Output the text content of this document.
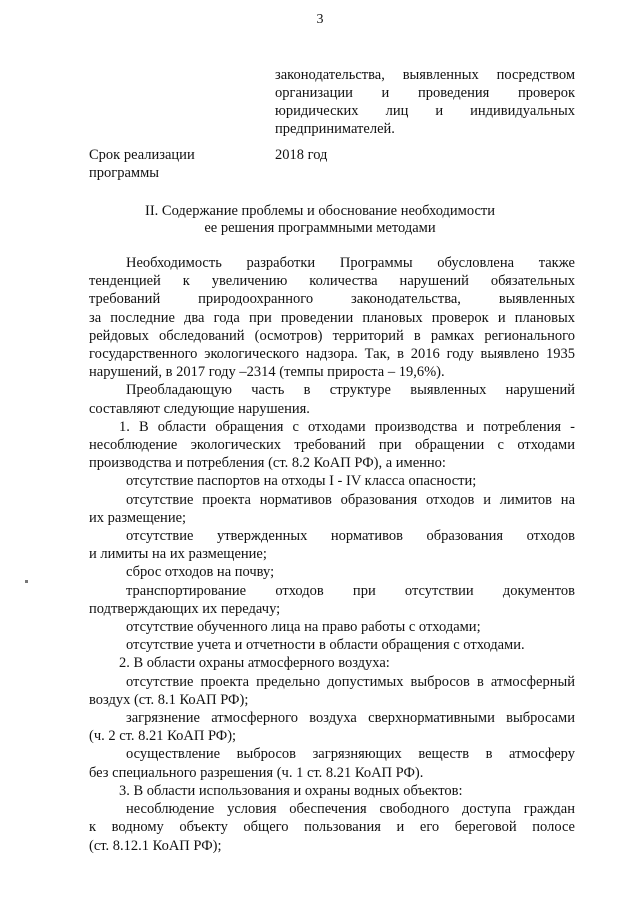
3
законодательства, выявленных посредством
организации и проведения проверок
юридических лиц и индивидуальных
предпринимателей.
Срок реализации
программы
2018 год
II. Содержание проблемы и обоснование необходимости
ее решения программными методами
Необходимость разработки Программы обусловлена также
тенденцией к увеличению количества нарушений обязательных
требований природоохранного законодательства, выявленных
за последние два года при проведении плановых проверок и плановых
рейдовых обследований (осмотров) территорий в рамках регионального
государственного экологического надзора. Так, в 2016 году выявлено 1935
нарушений, в 2017 году –2314 (темпы прироста – 19,6%).
Преобладающую часть в структуре выявленных нарушений
составляют следующие нарушения.
1. В области обращения с отходами производства и потребления -
несоблюдение экологических требований при обращении с отходами
производства и потребления (ст. 8.2 КоАП РФ), а именно:
отсутствие паспортов на отходы I - IV класса опасности;
отсутствие проекта нормативов образования отходов и лимитов на
их размещение;
отсутствие утвержденных нормативов образования отходов
и лимиты на их размещение;
сброс отходов на почву;
транспортирование отходов при отсутствии документов
подтверждающих их передачу;
отсутствие обученного лица на право работы с отходами;
отсутствие учета и отчетности в области обращения с отходами.
2. В области охраны атмосферного воздуха:
отсутствие проекта предельно допустимых выбросов в атмосферный
воздух (ст. 8.1 КоАП РФ);
загрязнение атмосферного воздуха сверхнормативными выбросами
(ч. 2 ст. 8.21 КоАП РФ);
осуществление выбросов загрязняющих веществ в атмосферу
без специального разрешения (ч. 1 ст. 8.21 КоАП РФ).
3. В области использования и охраны водных объектов:
несоблюдение условия обеспечения свободного доступа граждан
к водному объекту общего пользования и его береговой полосе
(ст. 8.12.1 КоАП РФ);
